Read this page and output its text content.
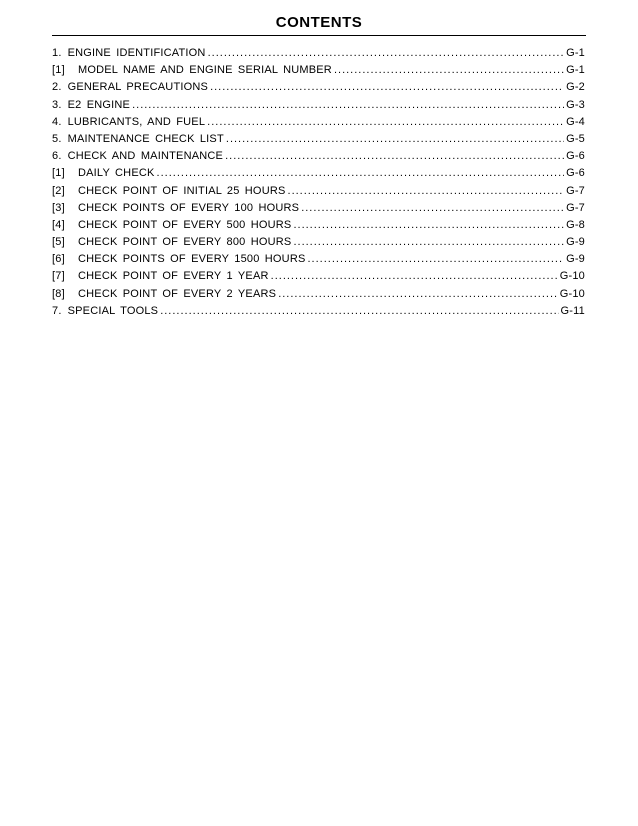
CONTENTS
1. ENGINE IDENTIFICATION .....	G-1
[1]	MODEL NAME AND ENGINE SERIAL NUMBER .....	G-1
2. GENERAL PRECAUTIONS .....	G-2
3. E2 ENGINE .....	G-3
4. LUBRICANTS, AND FUEL .....	G-4
5. MAINTENANCE CHECK LIST .....	G-5
6. CHECK AND MAINTENANCE .....	G-6
[1]	DAILY CHECK .....	G-6
[2]	CHECK POINT OF INITIAL 25 HOURS .....	G-7
[3]	CHECK POINTS OF EVERY 100 HOURS .....	G-7
[4]	CHECK POINT OF EVERY 500 HOURS .....	G-8
[5]	CHECK POINT OF EVERY 800 HOURS .....	G-9
[6]	CHECK POINTS OF EVERY 1500 HOURS .....	G-9
[7]	CHECK POINT OF EVERY 1 YEAR .....	G-10
[8]	CHECK POINT OF EVERY 2 YEARS .....	G-10
7. SPECIAL TOOLS .....	G-11
